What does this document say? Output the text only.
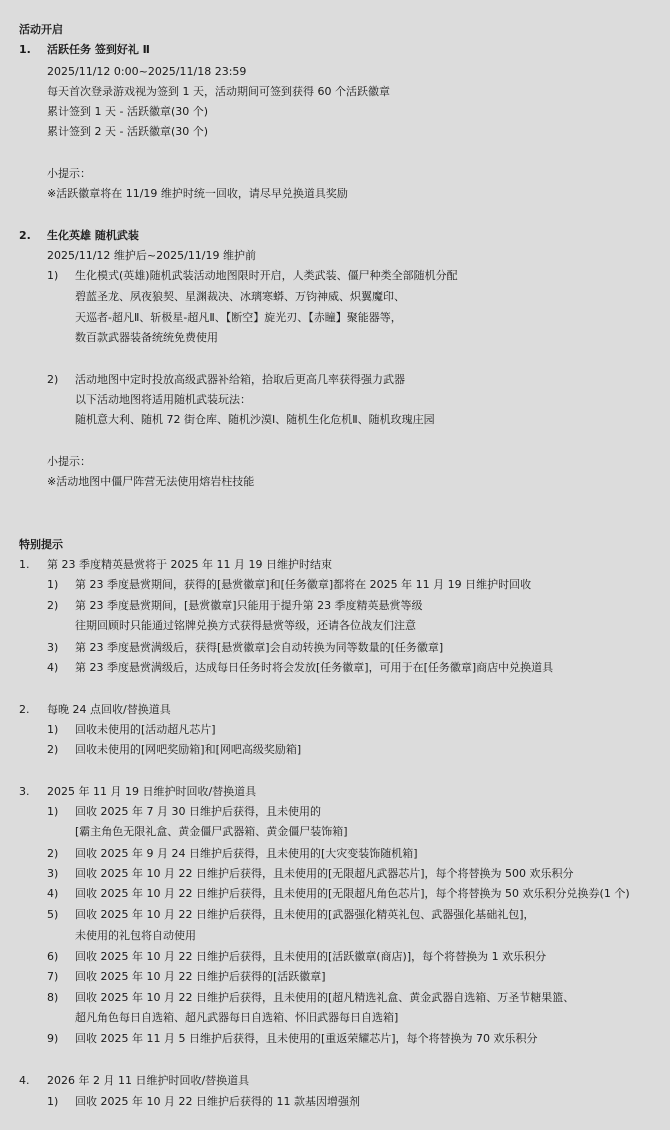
活动开启
1. 活跃任务 签到好礼 Ⅱ
2025/11/12 0:00~2025/11/18 23:59
每天首次登录游戏视为签到 1 天，活动期间可签到获得 60 个活跃徽章
累计签到 1 天 - 活跃徽章(30 个)
累计签到 2 天 - 活跃徽章(30 个)
小提示：
※活跃徽章将在 11/19 维护时统一回收，请尽早兑换道具奖励
2. 生化英雄 随机武装
2025/11/12 维护后~2025/11/19 维护前
1) 生化模式(英雄)随机武装活动地图限时开启，人类武装、僵尸种类全部随机分配
碧蓝圣龙、夙夜狼契、星渊裁决、冰璃寒蟒、万钧神威、炽翼魔印、
天巡者-超凡Ⅱ、斩极星-超凡Ⅱ、【断空】旋光刃、【赤瞳】聚能器等，
数百款武器装备统统免费使用
2) 活动地图中定时投放高级武器补给箱，拾取后更高几率获得强力武器
以下活动地图将适用随机武装玩法：
随机意大利、随机 72 街仓库、随机沙漠Ⅰ、随机生化危机Ⅱ、随机玫瑰庄园
小提示：
※活动地图中僵尸阵营无法使用熔岩柱技能
特别提示
1. 第 23 季度精英悬赏将于 2025 年 11 月 19 日维护时结束
1) 第 23 季度悬赏期间，获得的[悬赏徽章]和[任务徽章]都将在 2025 年 11 月 19 日维护时回收
2) 第 23 季度悬赏期间，[悬赏徽章]只能用于提升第 23 季度精英悬赏等级
往期回顾时只能通过铭牌兑换方式获得悬赏等级，还请各位战友们注意
3) 第 23 季度悬赏满级后，获得[悬赏徽章]会自动转换为同等数量的[任务徽章]
4) 第 23 季度悬赏满级后，达成每日任务时将会发放[任务徽章]，可用于在[任务徽章]商店中兑换道具
2. 每晚 24 点回收/替换道具
1) 回收未使用的[活动超凡芯片]
2) 回收未使用的[网吧奖励箱]和[网吧高级奖励箱]
3. 2025 年 11 月 19 日维护时回收/替换道具
1) 回收 2025 年 7 月 30 日维护后获得，且未使用的
[霸主角色无限礼盒、黄金僵尸武器箱、黄金僵尸装饰箱]
2) 回收 2025 年 9 月 24 日维护后获得，且未使用的[大灾变装饰随机箱]
3) 回收 2025 年 10 月 22 日维护后获得，且未使用的[无限超凡武器芯片]，每个将替换为 500 欢乐积分
4) 回收 2025 年 10 月 22 日维护后获得，且未使用的[无限超凡角色芯片]，每个将替换为 50 欢乐积分兑换券(1 个)
5) 回收 2025 年 10 月 22 日维护后获得，且未使用的[武器强化精英礼包、武器强化基础礼包]，
未使用的礼包将自动使用
6) 回收 2025 年 10 月 22 日维护后获得，且未使用的[活跃徽章(商店)]，每个将替换为 1 欢乐积分
7) 回收 2025 年 10 月 22 日维护后获得的[活跃徽章]
8) 回收 2025 年 10 月 22 日维护后获得，且未使用的[超凡精选礼盒、黄金武器自选箱、万圣节糖果篮、
超凡角色每日自选箱、超凡武器每日自选箱、怀旧武器每日自选箱]
9) 回收 2025 年 11 月 5 日维护后获得，且未使用的[重返荣耀芯片]，每个将替换为 70 欢乐积分
4. 2026 年 2 月 11 日维护时回收/替换道具
1) 回收 2025 年 10 月 22 日维护后获得的 11 款基因增强剂
